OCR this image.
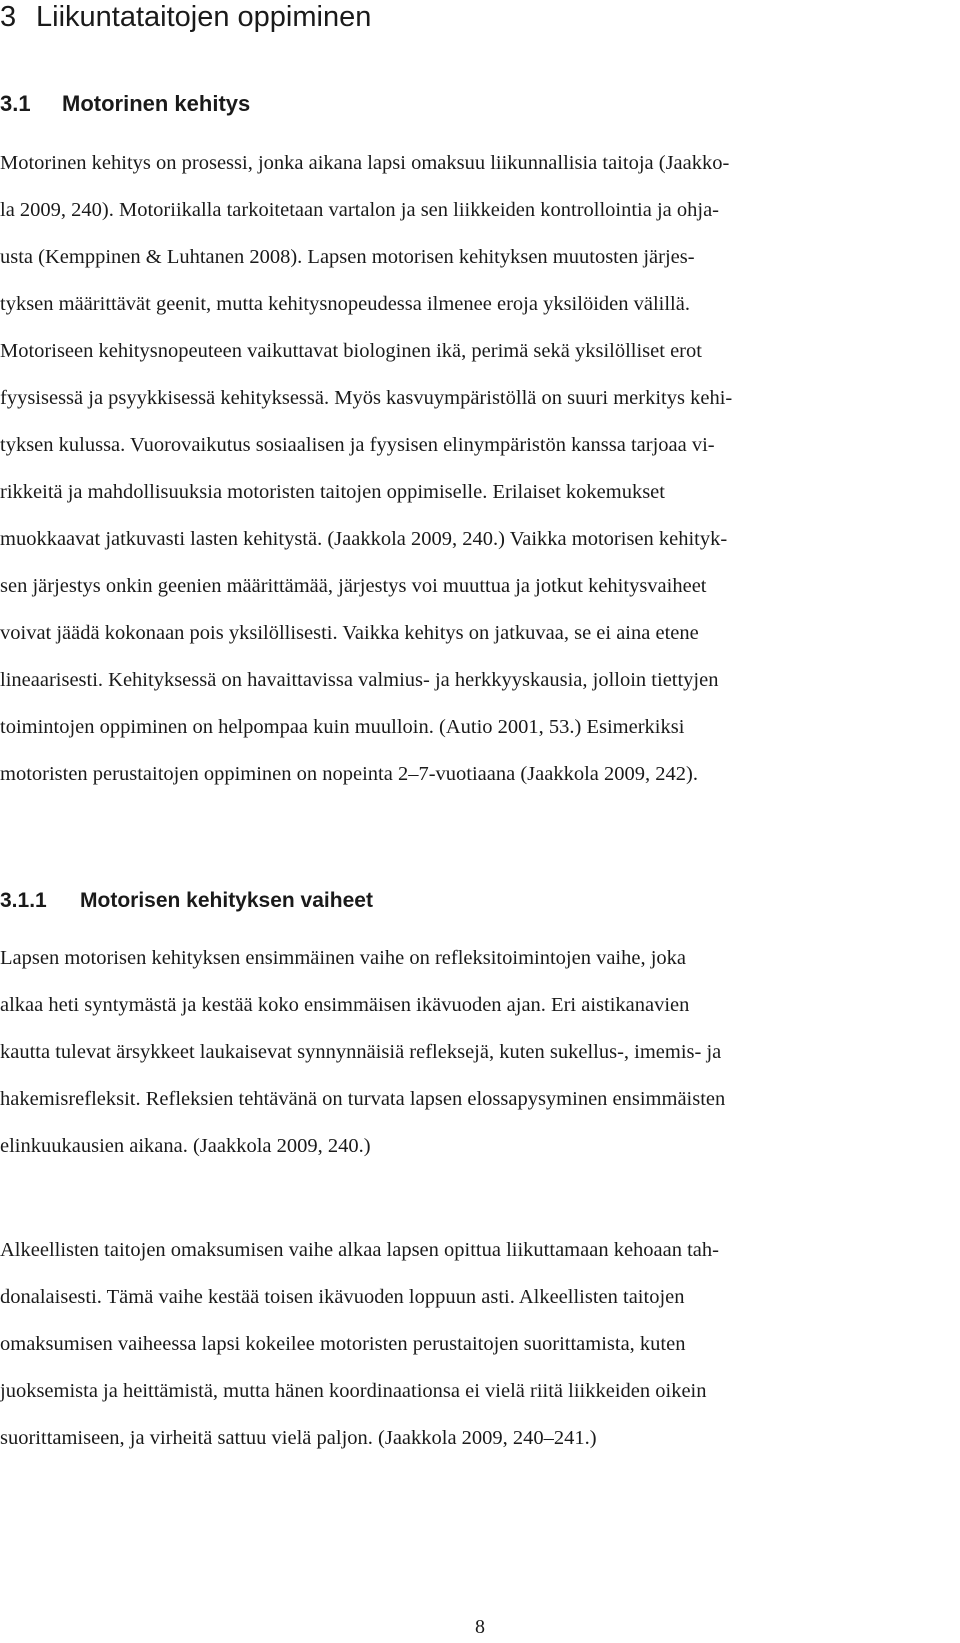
3 Liikuntataitojen oppiminen
3.1 Motorinen kehitys

Motorinen kehitys on prosessi, jonka aikana lapsi omaksuu liikunnallisia taitoja (Jaakko-
la 2009, 240). Motoriikalla tarkoitetaan vartalon ja sen liikkeiden kontrollointia ja ohja-
usta (Kemppinen & Luhtanen 2008). Lapsen motorisen kehityksen muutosten järjes-
tyksen määrittävät geenit, mutta kehitysnopeudessa ilmenee eroja yksilöiden välillä.
Motoriseen kehitysnopeuteen vaikuttavat biologinen ikä, perimä sekä yksilölliset erot
fyysisessä ja psyykkisessä kehityksessä. Myös kasvuympäristöllä on suuri merkitys kehi-
tyksen kulussa. Vuorovaikutus sosiaalisen ja fyysisen elinympäristön kanssa tarjoaa vi-
rikkeitä ja mahdollisuuksia motoristen taitojen oppimiselle. Erilaiset kokemukset
muokkaavat jatkuvasti lasten kehitystä. (Jaakkola 2009, 240.) Vaikka motorisen kehityk-
sen järjestys onkin geenien määrittämää, järjestys voi muuttua ja jotkut kehitysvaiheet
voivat jäädä kokonaan pois yksilöllisesti. Vaikka kehitys on jatkuvaa, se ei aina etene
lineaarisesti. Kehityksessä on havaittavissa valmius- ja herkkyyskausia, jolloin tiettyjen
toimintojen oppiminen on helpompaa kuin muulloin. (Autio 2001, 53.) Esimerkiksi
motoristen perustaitojen oppiminen on nopeinta 2–7-vuotiaana (Jaakkola 2009, 242).

3.1.1 Motorisen kehityksen vaiheet

Lapsen motorisen kehityksen ensimmäinen vaihe on refleksitoimintojen vaihe, joka
alkaa heti syntymästä ja kestää koko ensimmäisen ikävuoden ajan. Eri aistikanavien
kautta tulevat ärsykkeet laukaisevat synnynnäisiä refleksejä, kuten sukellus-, imemis- ja
hakemisrefleksit. Refleksien tehtävänä on turvata lapsen elossapysyminen ensimmäisten
elinkuukausien aikana. (Jaakkola 2009, 240.)

Alkeellisten taitojen omaksumisen vaihe alkaa lapsen opittua liikuttamaan kehoaan tah-
donalaisesti. Tämä vaihe kestää toisen ikävuoden loppuun asti. Alkeellisten taitojen
omaksumisen vaiheessa lapsi kokeilee motoristen perustaitojen suorittamista, kuten
juoksemista ja heittämistä, mutta hänen koordinaationsa ei vielä riitä liikkeiden oikein
suorittamiseen, ja virheitä sattuu vielä paljon. (Jaakkola 2009, 240–241.)

8
